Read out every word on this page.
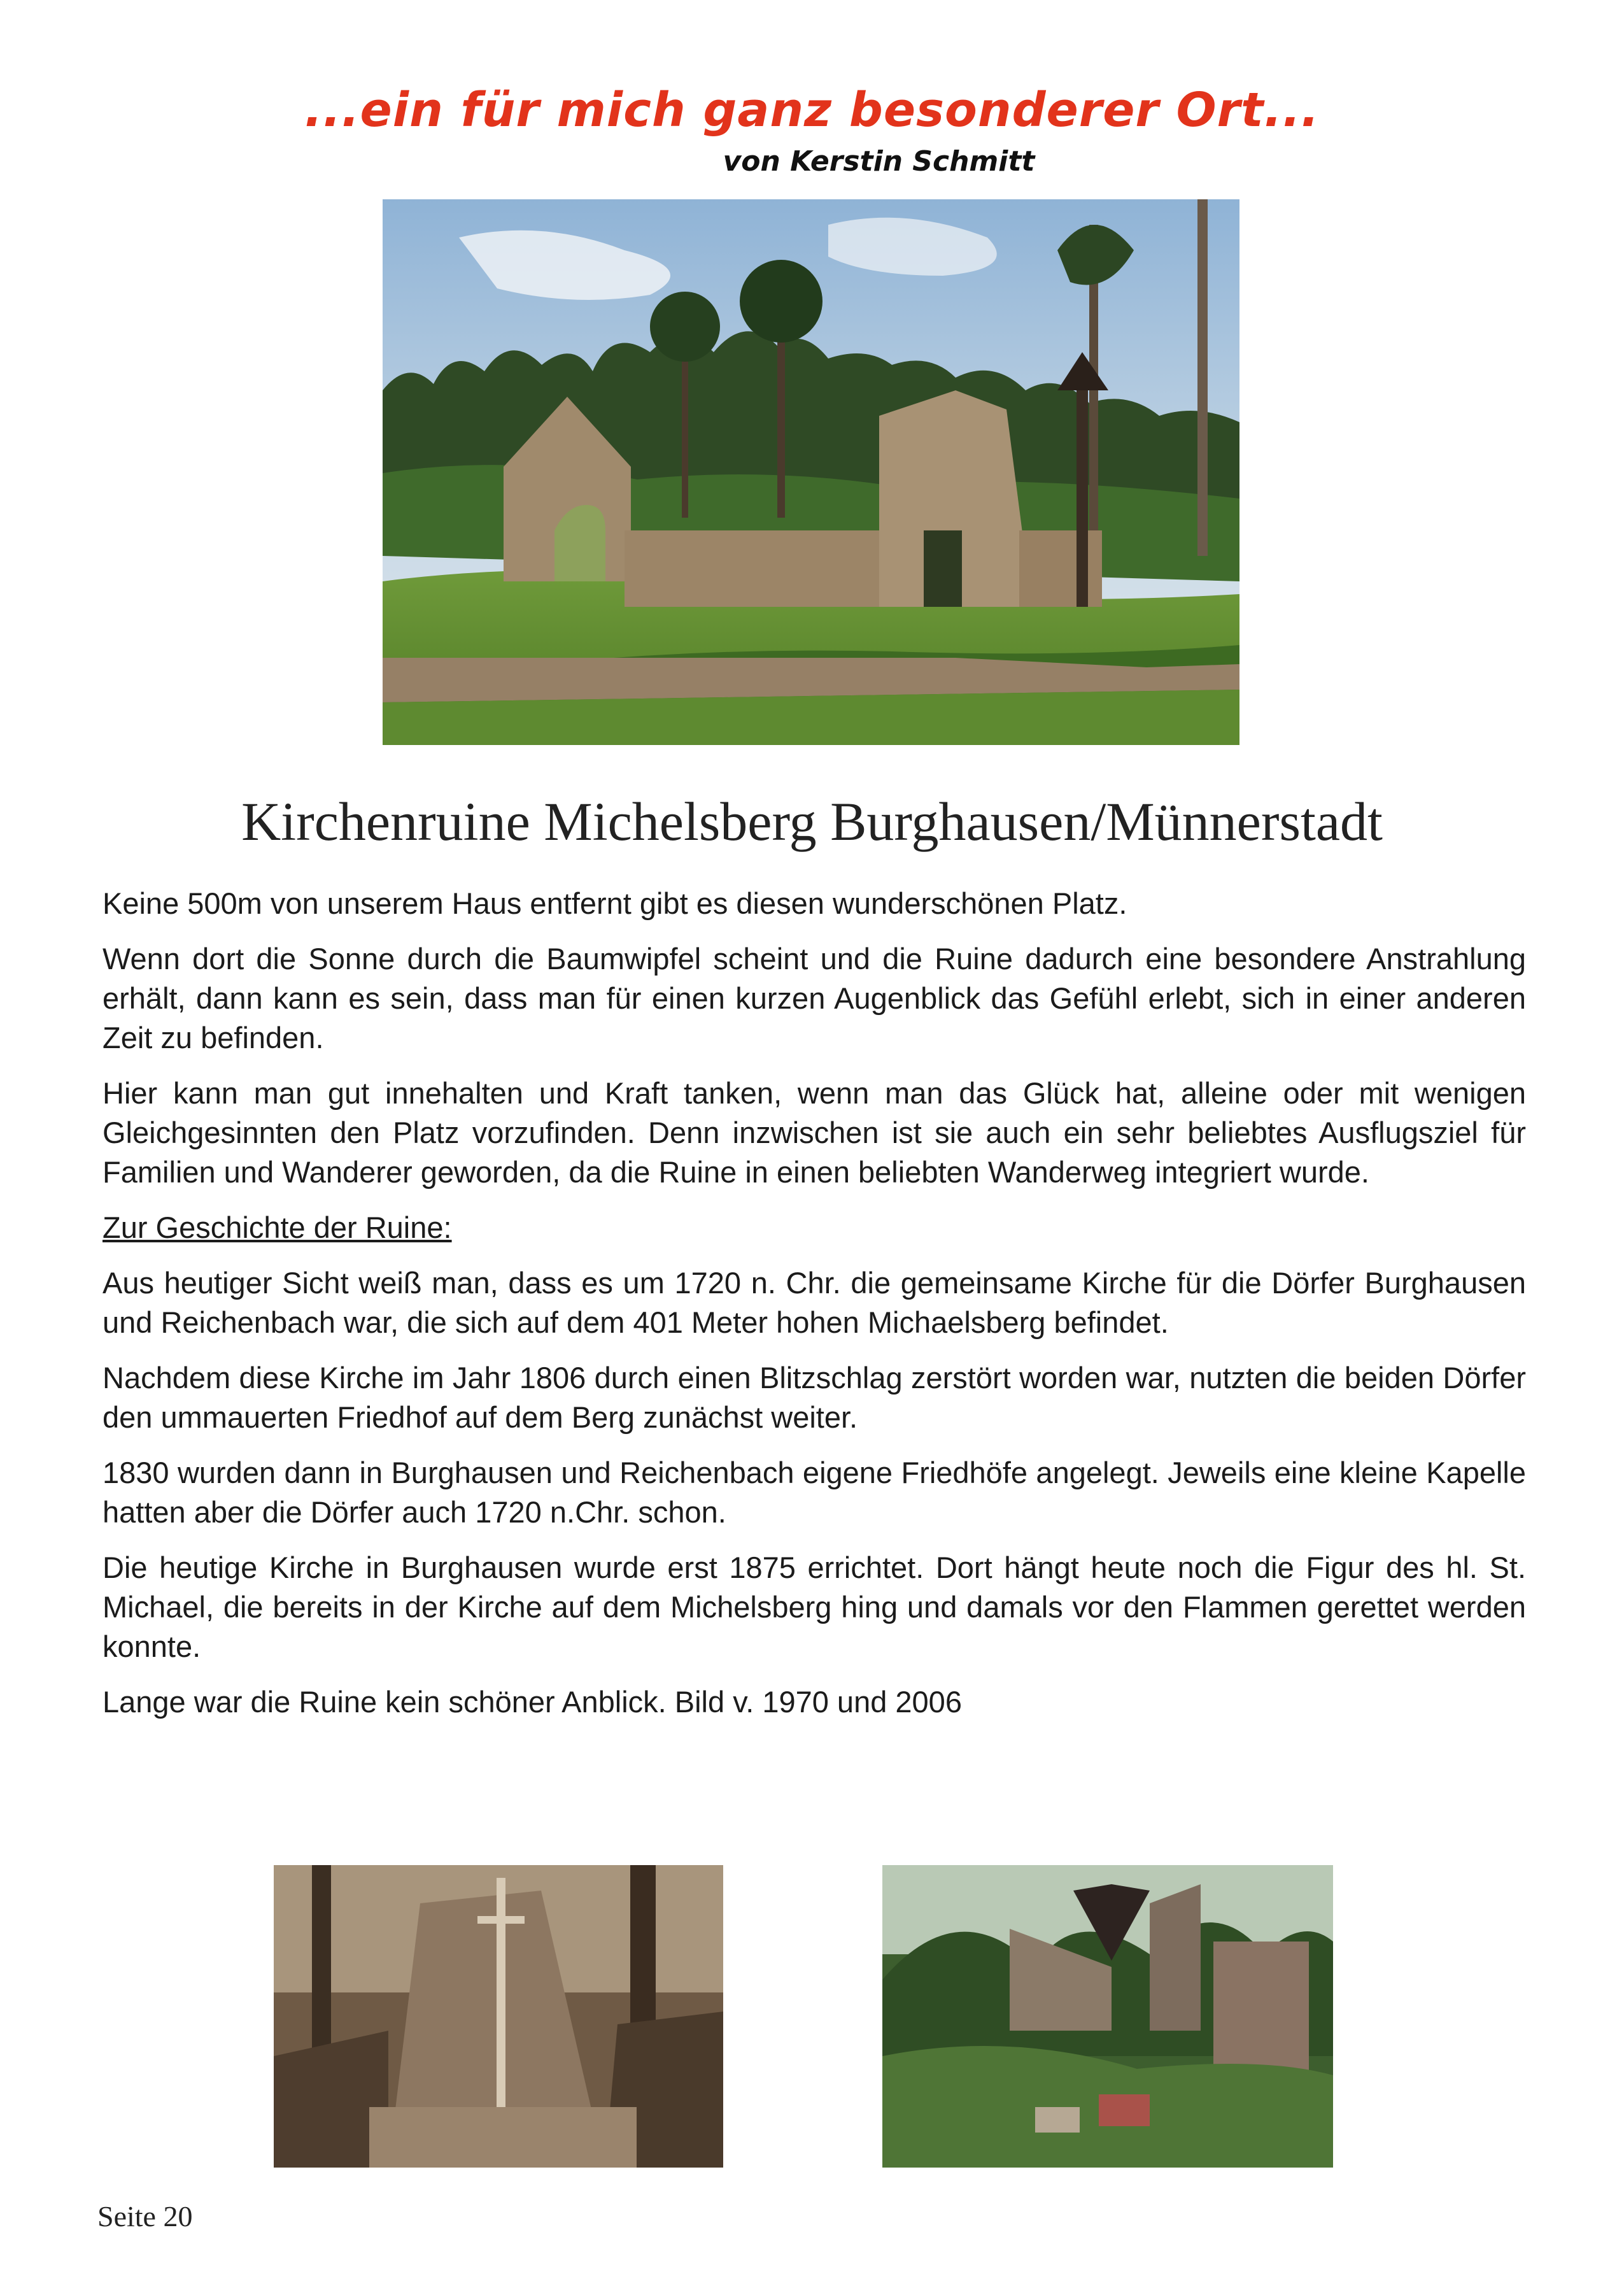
...ein für mich ganz besonderer Ort...
von Kerstin Schmitt
Kirchenruine Michelsberg Burghausen/Münnerstadt

Keine 500m von unserem Haus entfernt gibt es diesen wunderschönen Platz.

Wenn dort die Sonne durch die Baumwipfel scheint und die Ruine dadurch eine besondere Anstrahlung erhält, dann kann es sein, dass man für einen kurzen Augenblick das Gefühl erlebt, sich in einer anderen Zeit zu befinden.

Hier kann man gut innehalten und Kraft tanken, wenn man das Glück hat, alleine oder mit wenigen Gleichgesinnten den Platz vorzufinden. Denn inzwischen ist sie auch ein sehr beliebtes Ausflugsziel für Familien und Wanderer geworden, da die Ruine in einen beliebten Wanderweg integriert wurde.

Zur Geschichte der Ruine:

Aus heutiger Sicht weiß man, dass es um 1720 n. Chr. die gemeinsame Kirche für die Dörfer Burghausen und Reichenbach war, die sich auf dem 401 Meter hohen Michaelsberg befindet.

Nachdem diese Kirche im Jahr 1806 durch einen Blitzschlag zerstört worden war, nutzten die beiden Dörfer den ummauerten Friedhof auf dem Berg zunächst weiter.

1830 wurden dann in Burghausen und Reichenbach eigene Friedhöfe angelegt. Jeweils eine kleine Kapelle hatten aber die Dörfer auch 1720 n.Chr. schon.

Die heutige Kirche in Burghausen wurde erst 1875 errichtet. Dort hängt heute noch die Figur des hl. St. Michael, die bereits in der Kirche auf dem Michelsberg hing und damals vor den Flammen gerettet werden konnte.

Lange war die Ruine kein schöner Anblick. Bild v. 1970 und 2006

Seite 20
